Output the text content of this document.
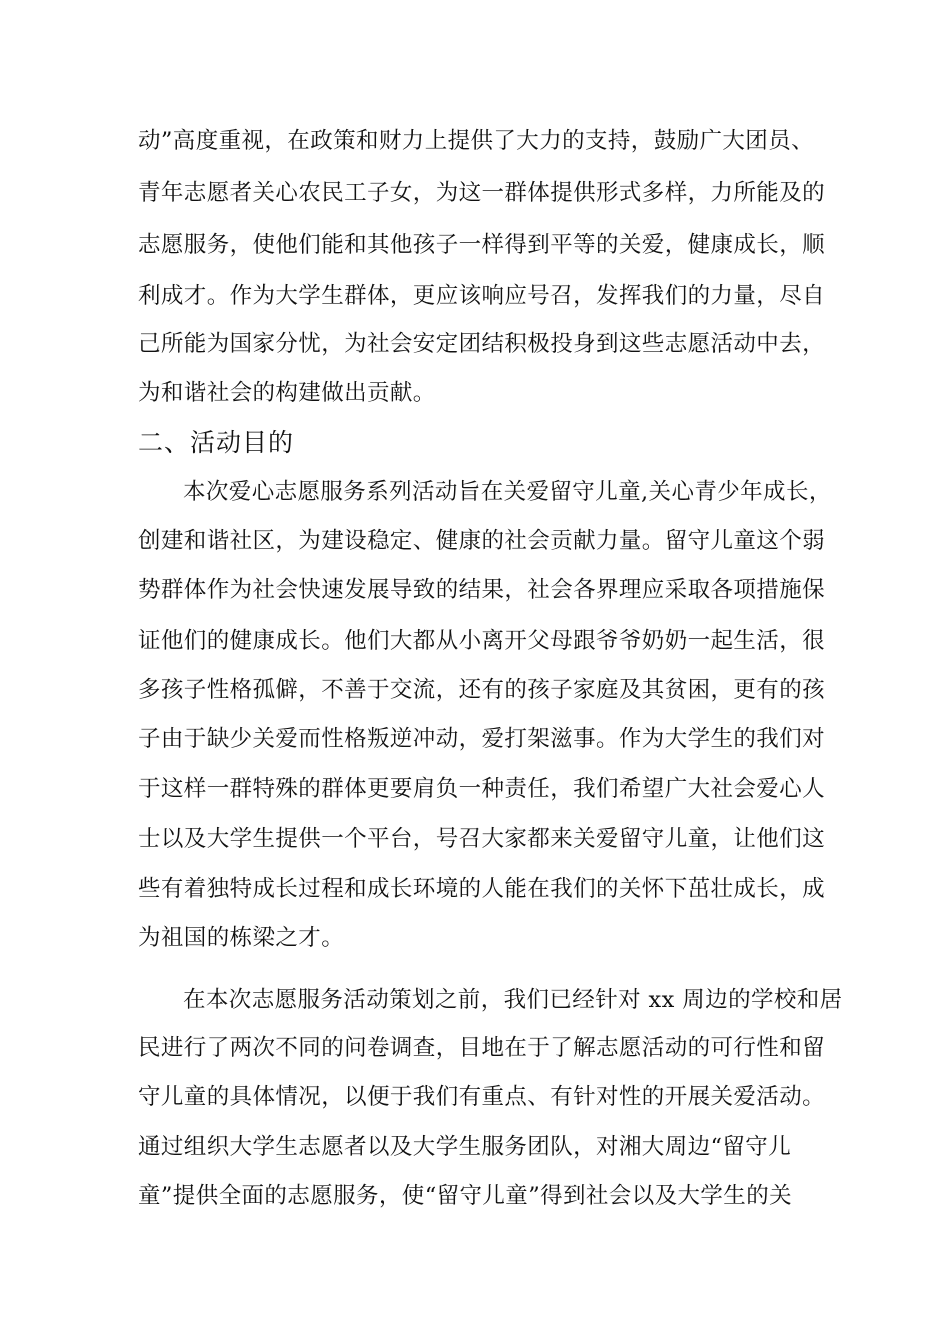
动”高度重视，在政策和财力上提供了大力的支持，鼓励广大团员、
青年志愿者关心农民工子女，为这一群体提供形式多样，力所能及的
志愿服务，使他们能和其他孩子一样得到平等的关爱，健康成长，顺
利成才。作为大学生群体，更应该响应号召，发挥我们的力量，尽自
己所能为国家分忧，为社会安定团结积极投身到这些志愿活动中去，
为和谐社会的构建做出贡献。
二、活动目的
本次爱心志愿服务系列活动旨在关爱留守儿童,关心青少年成长，
创建和谐社区，为建设稳定、健康的社会贡献力量。留守儿童这个弱
势群体作为社会快速发展导致的结果，社会各界理应采取各项措施保
证他们的健康成长。他们大都从小离开父母跟爷爷奶奶一起生活，很
多孩子性格孤僻，不善于交流，还有的孩子家庭及其贫困，更有的孩
子由于缺少关爱而性格叛逆冲动，爱打架滋事。作为大学生的我们对
于这样一群特殊的群体更要肩负一种责任，我们希望广大社会爱心人
士以及大学生提供一个平台，号召大家都来关爱留守儿童，让他们这
些有着独特成长过程和成长环境的人能在我们的关怀下茁壮成长，成
为祖国的栋梁之才。
在本次志愿服务活动策划之前，我们已经针对 xx 周边的学校和居
民进行了两次不同的问卷调查，目地在于了解志愿活动的可行性和留
守儿童的具体情况，以便于我们有重点、有针对性的开展关爱活动。
通过组织大学生志愿者以及大学生服务团队，对湘大周边“留守儿
童”提供全面的志愿服务，使“留守儿童”得到社会以及大学生的关
